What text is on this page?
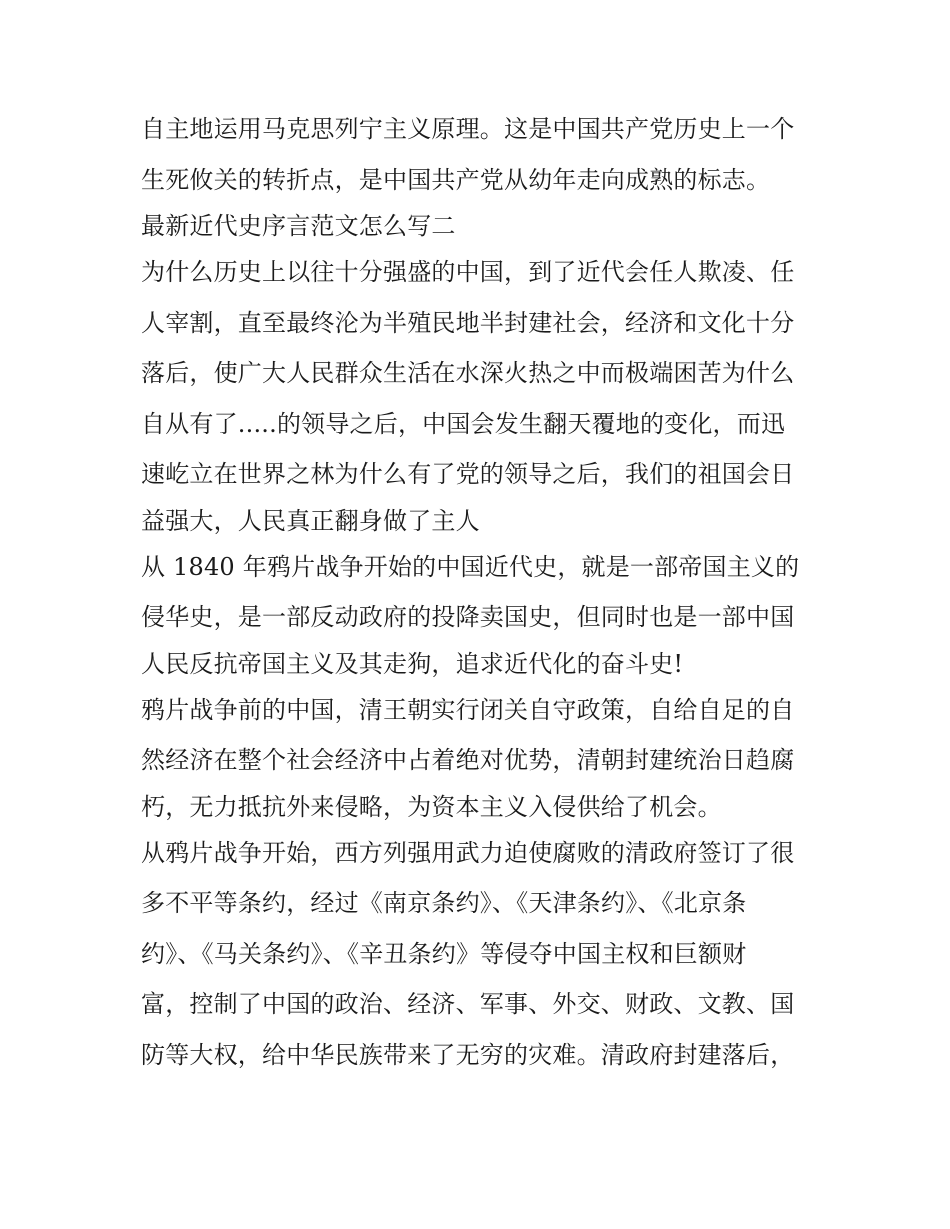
自主地运用马克思列宁主义原理。这是中国共产党历史上一个
生死攸关的转折点，是中国共产党从幼年走向成熟的标志。
最新近代史序言范文怎么写二
为什么历史上以往十分强盛的中国，到了近代会任人欺凌、任
人宰割，直至最终沦为半殖民地半封建社会，经济和文化十分
落后，使广大人民群众生活在水深火热之中而极端困苦为什么
自从有了.....的领导之后，中国会发生翻天覆地的变化，而迅
速屹立在世界之林为什么有了党的领导之后，我们的祖国会日
益强大，人民真正翻身做了主人
从 1840 年鸦片战争开始的中国近代史，就是一部帝国主义的
侵华史，是一部反动政府的投降卖国史，但同时也是一部中国
人民反抗帝国主义及其走狗，追求近代化的奋斗史!
鸦片战争前的中国，清王朝实行闭关自守政策，自给自足的自
然经济在整个社会经济中占着绝对优势，清朝封建统治日趋腐
朽，无力抵抗外来侵略，为资本主义入侵供给了机会。
从鸦片战争开始，西方列强用武力迫使腐败的清政府签订了很
多不平等条约，经过《南京条约》、《天津条约》、《北京条
约》、《马关条约》、《辛丑条约》等侵夺中国主权和巨额财
富，控制了中国的政治、经济、军事、外交、财政、文教、国
防等大权，给中华民族带来了无穷的灾难。清政府封建落后，
